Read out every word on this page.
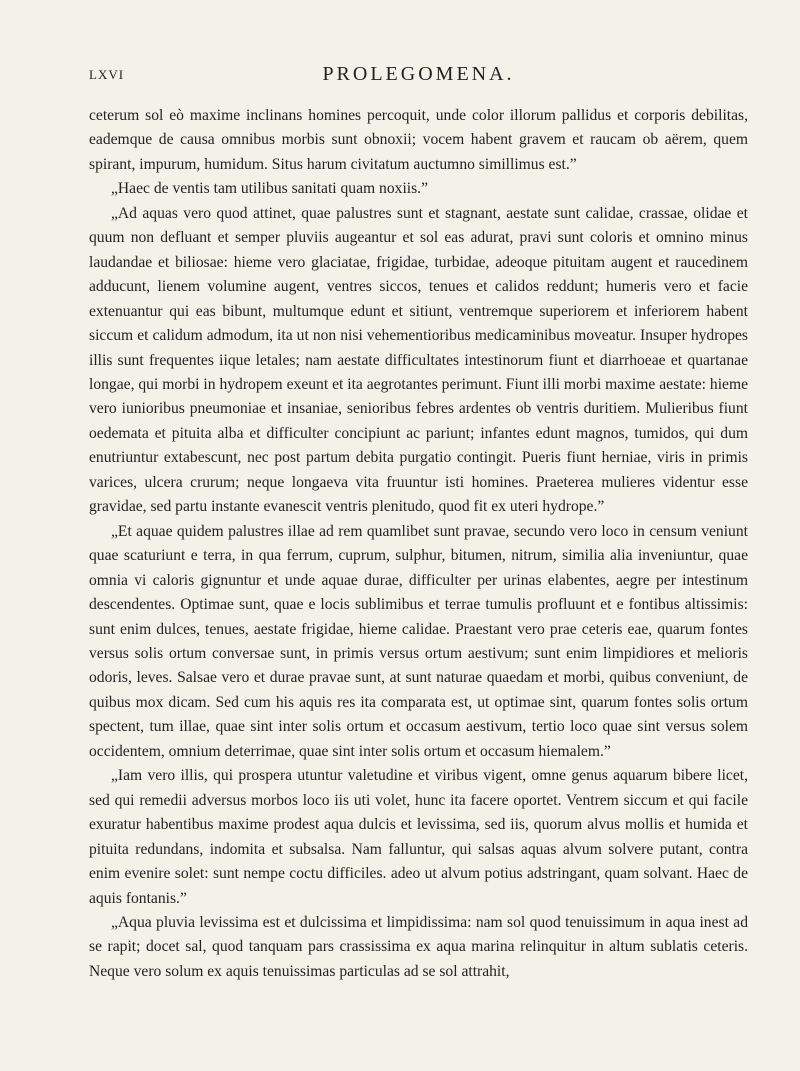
LXVI	PROLEGOMENA.

ceterum sol eò maxime inclinans homines percoquit, unde color illorum pallidus et corporis debilitas, eademque de causa omnibus morbis sunt obnoxii; vocem habent gravem et raucam ob aërem, quem spirant, impurum, humidum. Situs harum civitatum auctumno simillimus est.”

„Haec de ventis tam utilibus sanitati quam noxiis.”

„Ad aquas vero quod attinet, quae palustres sunt et stagnant, aestate sunt calidae, crassae, olidae et quum non defluant et semper pluviis augeantur et sol eas adurat, pravi sunt coloris et omnino minus laudandae et biliosae: hieme vero glaciatae, frigidae, turbidae, adeoque pituitam augent et raucedinem adducunt, lienem volumine augent, ventres siccos, tenues et calidos reddunt; humeris vero et facie extenuantur qui eas bibunt, multumque edunt et sitiunt, ventremque superiorem et inferiorem habent siccum et calidum admodum, ita ut non nisi vehementioribus medicaminibus moveatur. Insuper hydropes illis sunt frequentes iique letales; nam aestate difficultates intestinorum fiunt et diarrhoeae et quartanae longae, qui morbi in hydropem exeunt et ita aegrotantes perimunt. Fiunt illi morbi maxime aestate: hieme vero iunioribus pneumoniae et insaniae, senioribus febres ardentes ob ventris duritiem. Mulieribus fiunt oedemata et pituita alba et difficulter concipiunt ac pariunt; infantes edunt magnos, tumidos, qui dum enutriuntur extabescunt, nec post partum debita purgatio contingit. Pueris fiunt herniae, viris in primis varices, ulcera crurum; neque longaeva vita fruuntur isti homines. Praeterea mulieres videntur esse gravidae, sed partu instante evanescit ventris plenitudo, quod fit ex uteri hydrope.”

„Et aquae quidem palustres illae ad rem quamlibet sunt pravae, secundo vero loco in censum veniunt quae scaturiunt e terra, in qua ferrum, cuprum, sulphur, bitumen, nitrum, similia alia inveniuntur, quae omnia vi caloris gignuntur et unde aquae durae, difficulter per urinas elabentes, aegre per intestinum descendentes. Optimae sunt, quae e locis sublimibus et terrae tumulis profluunt et e fontibus altissimis: sunt enim dulces, tenues, aestate frigidae, hieme calidae. Praestant vero prae ceteris eae, quarum fontes versus solis ortum conversae sunt, in primis versus ortum aestivum; sunt enim limpidiores et melioris odoris, leves. Salsae vero et durae pravae sunt, at sunt naturae quaedam et morbi, quibus conveniunt, de quibus mox dicam. Sed cum his aquis res ita comparata est, ut optimae sint, quarum fontes solis ortum spectent, tum illae, quae sint inter solis ortum et occasum aestivum, tertio loco quae sint versus solem occidentem, omnium deterrimae, quae sint inter solis ortum et occasum hiemalem.”

„Iam vero illis, qui prospera utuntur valetudine et viribus vigent, omne genus aquarum bibere licet, sed qui remedii adversus morbos loco iis uti volet, hunc ita facere oportet. Ventrem siccum et qui facile exuratur habentibus maxime prodest aqua dulcis et levissima, sed iis, quorum alvus mollis et humida et pituita redundans, indomita et subsalsa. Nam falluntur, qui salsas aquas alvum solvere putant, contra enim evenire solet: sunt nempe coctu difficiles. adeo ut alvum potius adstringant, quam solvant. Haec de aquis fontanis.”

„Aqua pluvia levissima est et dulcissima et limpidissima: nam sol quod tenuissimum in aqua inest ad se rapit; docet sal, quod tanquam pars crassissima ex aqua marina relinquitur in altum sublatis ceteris. Neque vero solum ex aquis tenuissimas particulas ad se sol attrahit,
